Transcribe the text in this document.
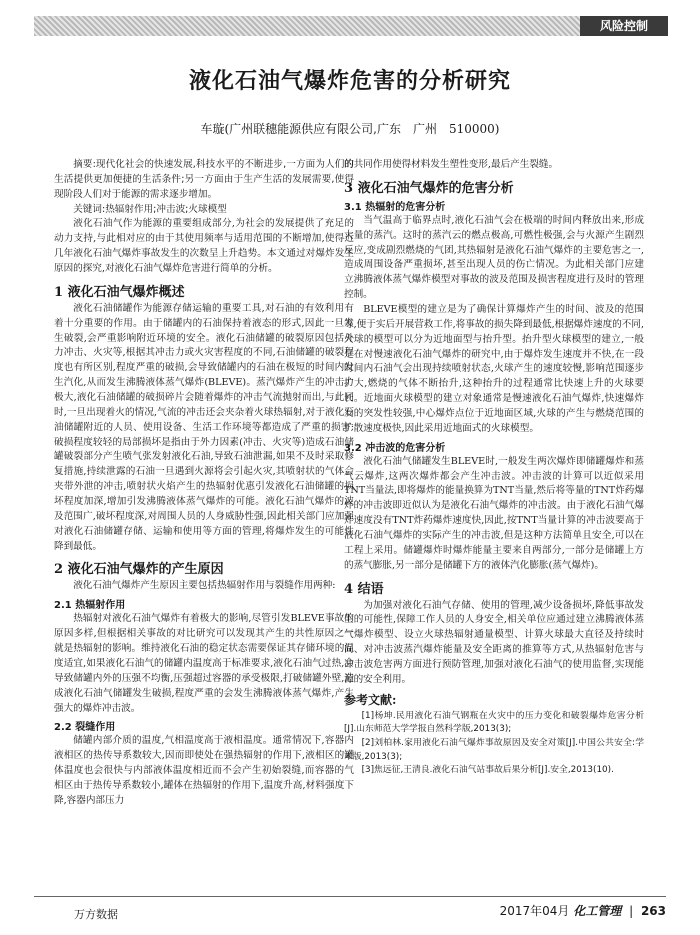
风险控制
液化石油气爆炸危害的分析研究
车璇(广州联穗能源供应有限公司,广东　广州　510000)

摘要:现代化社会的快速发展,科技水平的不断进步,一方面为人们的生活提供更加便捷的生活条件;另一方面由于生产生活的发展需要,使得现阶段人们对于能源的需求逐步增加。

关键词:热辐射作用;冲击波;火球模型

液化石油气作为能源的重要组成部分,为社会的发展提供了充足的动力支持,与此相对应的由于其使用频率与适用范围的不断增加,使得近几年液化石油气爆炸事故发生的次数呈上升趋势。本文通过对爆炸发生原因的探究,对液化石油气爆炸危害进行简单的分析。

1 液化石油气爆炸概述

液化石油储罐作为能源存储运输的重要工具,对石油的有效利用有着十分重要的作用。由于储罐内的石油保持着液态的形式,因此一旦发生破裂,会严重影响附近环境的安全。液化石油储罐的破裂原因包括外力冲击、火灾等,根据其冲击力或火灾害程度的不同,石油储罐的破裂程度也有所区别,程度严重的破损,会导致储罐内的石油在极短的时间内发生汽化,从而发生沸腾液体蒸气爆炸(BLEVE)。蒸汽爆炸产生的冲击力极大,液化石油储罐的破损碎片会随着爆炸的冲击气流抛射而出,与此同时,一旦出现着火的情况,气流的冲击还会夹杂着火球热辐射,对于液化石油储罐附近的人员、使用设备、生活工作环境等都造成了严重的损害;破损程度较轻的局部损坏是指由于外力因素(冲击、火灾等)造成石油储罐破裂部分产生喷气张发射液化石油,导致石油泄漏,如果不及时采取修复措施,持续泄露的石油一旦遇到火源将会引起火灾,其喷射状的气体会夹带外泄的冲击,喷射状火焰产生的热辐射优惠引发液化石油储罐的损坏程度加深,增加引发沸腾液体蒸气爆炸的可能。液化石油气爆炸的波及范围广,破坏程度深,对周围人员的人身威胁性强,因此相关部门应加强对液化石油储罐存储、运输和使用等方面的管理,将爆炸发生的可能性降到最低。

2 液化石油气爆炸的产生原因

液化石油气爆炸产生原因主要包括热辐射作用与裂缝作用两种:

2.1 热辐射作用

热辐射对液化石油气爆炸有着极大的影响,尽管引发BLEVE事故的原因多样,但根据相关事故的对比研究可以发现其产生的共性原因之一就是热辐射的影响。维持液化石油的稳定状态需要保证其存储环境的温度适宜,如果液化石油气的储罐内温度高于标准要求,液化石油气过热,会导致储罐内外的压强不均衡,压强超过容器的承受极限,打破储罐外壁,造成液化石油气储罐发生破损,程度严重的会发生沸腾液体蒸气爆炸,产生强大的爆炸冲击波。

2.2 裂缝作用

储罐内部介质的温度,气相温度高于液相温度。通常情况下,容器内液相区的热传导系数较大,因而即使处在强热辐射的作用下,液相区的罐体温度也会很快与内部液体温度相近而不会产生初始裂缝,而容器的气相区由于热传导系数较小,罐体在热辐射的作用下,温度升高,材料强度下降,容器内部压力

的共同作用使得材料发生塑性变形,最后产生裂缝。

3 液化石油气爆炸的危害分析
3.1 热辐射的危害分析

当气温高于临界点时,液化石油气会在极端的时间内释放出来,形成大量的蒸汽。这时的蒸汽云的燃点极高,可燃性极强,会与火源产生剧烈反应,变成剧烈燃烧的气团,其热辐射是液化石油气爆炸的主要危害之一,造成周围设备严重损坏,甚至出现人员的伤亡情况。为此相关部门应建立沸腾液体蒸气爆炸模型对事故的波及范围及损害程度进行及时的管理控制。

BLEVE模型的建立是为了确保计算爆炸产生的时间、波及的范围等,便于实后开展营救工作,将事故的损失降到最低,根据爆炸速度的不同,火球的模型可以分为近地面型与抬升型。抬升型火球模型的建立,一般是在对慢速液化石油气爆炸的研究中,由于爆炸发生速度并不快,在一段时间内石油气会出现持续喷射状态,火球产生的速度较慢,影响范围逐步扩大,燃烧的气体不断抬升,这种抬升的过程通常比快速上升的火球要长。近地面火球模型的建立对象通常是慢速液化石油气爆炸,快速爆炸发的突发性较强,中心爆炸点位于近地面区域,火球的产生与燃烧范围的扩散速度极快,因此采用近地面式的火球模型。

3.2 冲击波的危害分析

液化石油气储罐发生BLEVE时,一般发生两次爆炸即储罐爆炸和蒸气云爆炸,这两次爆炸都会产生冲击波。冲击波的计算可以近似采用TNT当量法,即将爆炸的能量换算为TNT当量,然后将等量的TNT炸药爆炸的冲击波即近似认为是液化石油气爆炸的冲击波。由于液化石油气爆炸速度没有TNT炸药爆炸速度快,因此,按TNT当量计算的冲击波要高于液化石油气爆炸的实际产生的冲击波,但是这种方法简单且安全,可以在工程上采用。储罐爆炸时爆炸能量主要来自两部分,一部分是储罐上方的蒸气膨胀,另一部分是储罐下方的液体汽化膨胀(蒸气爆炸)。

4 结语

为加强对液化石油气存储、使用的管理,减少设备损坏,降低事故发生的可能性,保障工作人员的人身安全,相关单位应通过建立沸腾液体蒸气爆炸模型、设立火球热辐射通量模型、计算火球最大直径及持续时间、对冲击波蒸汽爆炸能量及安全距离的推算等方式,从热辐射危害与冲击波危害两方面进行预防管理,加强对液化石油气的使用监督,实现能源的安全利用。

参考文献:

[1]杨坤.民用液化石油气钢瓶在火灾中的压力变化和破裂爆炸危害分析[J].山东师范大学学报自然科学版,2013(3);

[2]刘柏林.家用液化石油气爆炸事故原因及安全对策[J].中国公共安全:学术版,2013(3);

[3]焦远征,王清良.液化石油气站事故后果分析[J].安全,2013(10).

万方数据	2017年04月 化工管理 | 263
